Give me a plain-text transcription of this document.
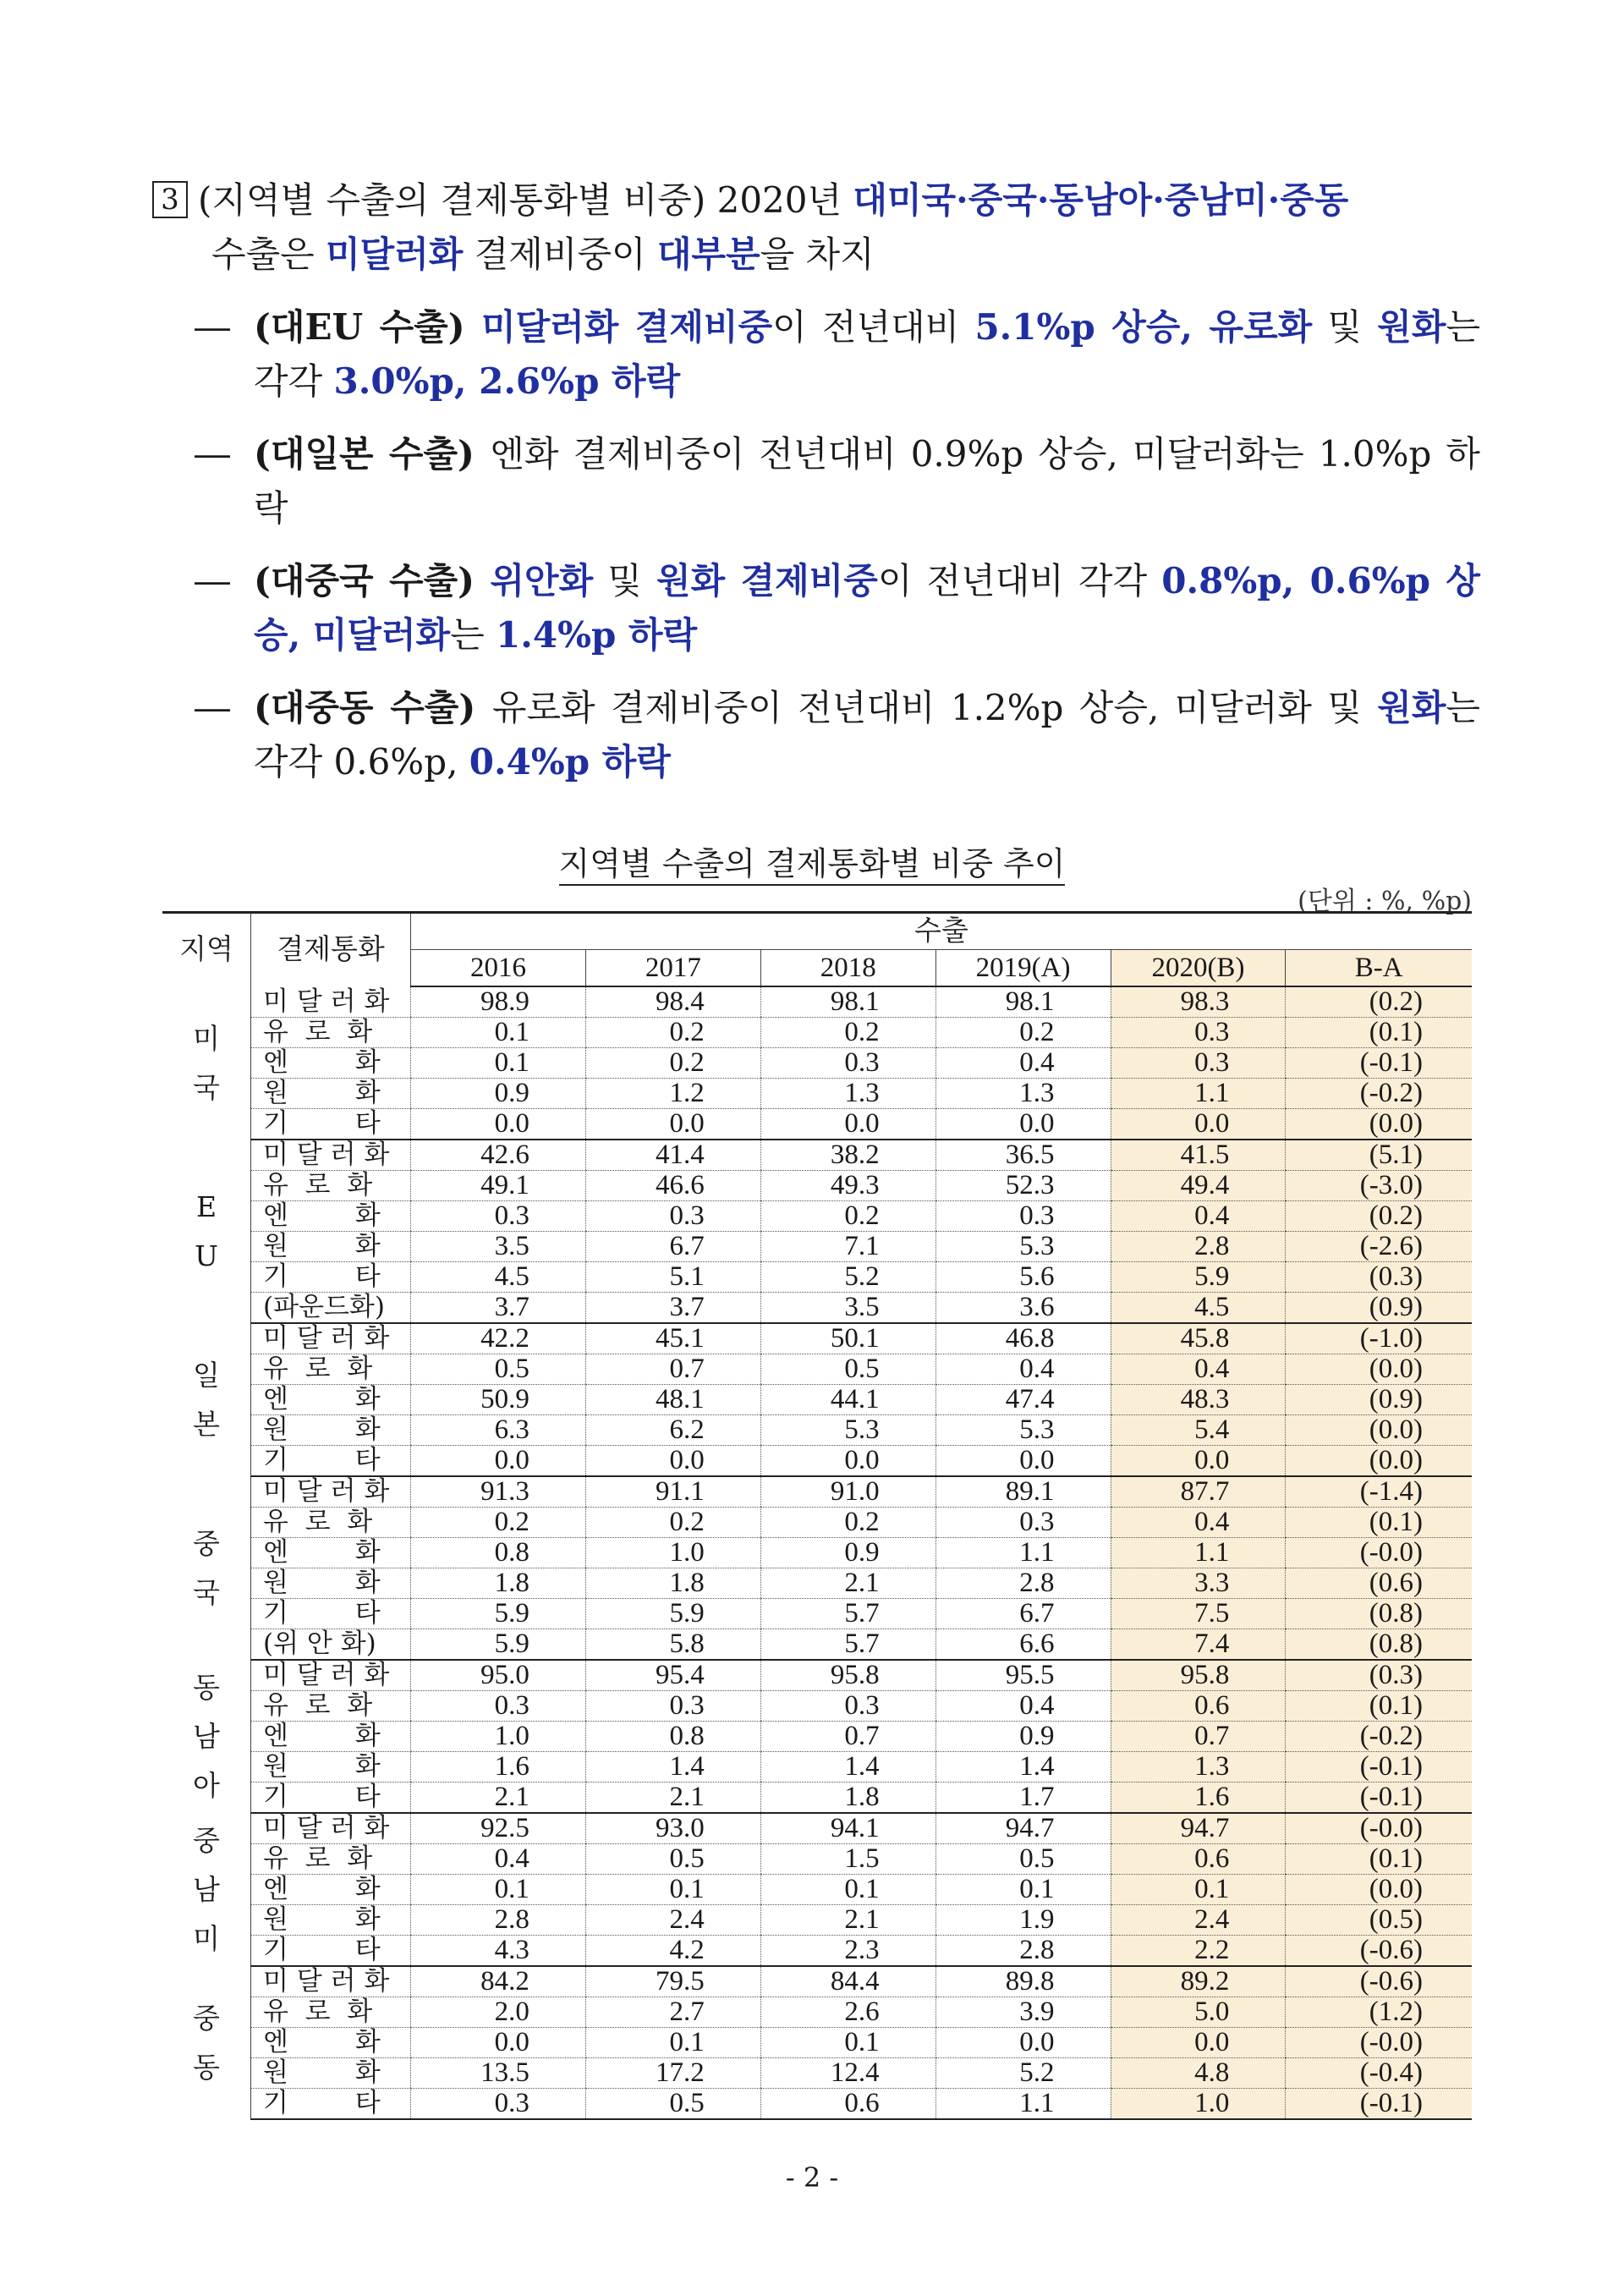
3 (지역별 수출의 결제통화별 비중) 2020년 대미국·중국·동남아·중남미·중동
수출은 미달러화 결제비중이 대부분을 차지
― (대EU 수출) 미달러화 결제비중이 전년대비 5.1%p 상승, 유로화 및 원화는 각각 3.0%p, 2.6%p 하락
― (대일본 수출) 엔화 결제비중이 전년대비 0.9%p 상승, 미달러화는 1.0%p 하락
― (대중국 수출) 위안화 및 원화 결제비중이 전년대비 각각 0.8%p, 0.6%p 상승, 미달러화는 1.4%p 하락
― (대중동 수출) 유로화 결제비중이 전년대비 1.2%p 상승, 미달러화 및 원화는 각각 0.6%p, 0.4%p 하락
지역별 수출의 결제통화별 비중 추이
(단위 : %, %p)
지역	결제통화	수출					
		2016	2017	2018	2019(A)	2020(B)	B-A
미
국	미 달 러 화	98.9	98.4	98.1	98.1	98.3	(0.2)
	유  로  화	0.1	0.2	0.2	0.2	0.3	(0.1)
	엔        화	0.1	0.2	0.3	0.4	0.3	(-0.1)
	원        화	0.9	1.2	1.3	1.3	1.1	(-0.2)
	기        타	0.0	0.0	0.0	0.0	0.0	(0.0)
E
U	미 달 러 화	42.6	41.4	38.2	36.5	41.5	(5.1)
	유  로  화	49.1	46.6	49.3	52.3	49.4	(-3.0)
	엔        화	0.3	0.3	0.2	0.3	0.4	(0.2)
	원        화	3.5	6.7	7.1	5.3	2.8	(-2.6)
	기        타	4.5	5.1	5.2	5.6	5.9	(0.3)
	(파운드화)	3.7	3.7	3.5	3.6	4.5	(0.9)
일
본	미 달 러 화	42.2	45.1	50.1	46.8	45.8	(-1.0)
	유  로  화	0.5	0.7	0.5	0.4	0.4	(0.0)
	엔        화	50.9	48.1	44.1	47.4	48.3	(0.9)
	원        화	6.3	6.2	5.3	5.3	5.4	(0.0)
	기        타	0.0	0.0	0.0	0.0	0.0	(0.0)
중
국	미 달 러 화	91.3	91.1	91.0	89.1	87.7	(-1.4)
	유  로  화	0.2	0.2	0.2	0.3	0.4	(0.1)
	엔        화	0.8	1.0	0.9	1.1	1.1	(-0.0)
	원        화	1.8	1.8	2.1	2.8	3.3	(0.6)
	기        타	5.9	5.9	5.7	6.7	7.5	(0.8)
	(위 안 화)	5.9	5.8	5.7	6.6	7.4	(0.8)
동
남
아	미 달 러 화	95.0	95.4	95.8	95.5	95.8	(0.3)
	유  로  화	0.3	0.3	0.3	0.4	0.6	(0.1)
	엔        화	1.0	0.8	0.7	0.9	0.7	(-0.2)
	원        화	1.6	1.4	1.4	1.4	1.3	(-0.1)
	기        타	2.1	2.1	1.8	1.7	1.6	(-0.1)
중
남
미	미 달 러 화	92.5	93.0	94.1	94.7	94.7	(-0.0)
	유  로  화	0.4	0.5	1.5	0.5	0.6	(0.1)
	엔        화	0.1	0.1	0.1	0.1	0.1	(0.0)
	원        화	2.8	2.4	2.1	1.9	2.4	(0.5)
	기        타	4.3	4.2	2.3	2.8	2.2	(-0.6)
중
동	미 달 러 화	84.2	79.5	84.4	89.8	89.2	(-0.6)
	유  로  화	2.0	2.7	2.6	3.9	5.0	(1.2)
	엔        화	0.0	0.1	0.1	0.0	0.0	(-0.0)
	원        화	13.5	17.2	12.4	5.2	4.8	(-0.4)
	기        타	0.3	0.5	0.6	1.1	1.0	(-0.1)
- 2 -
